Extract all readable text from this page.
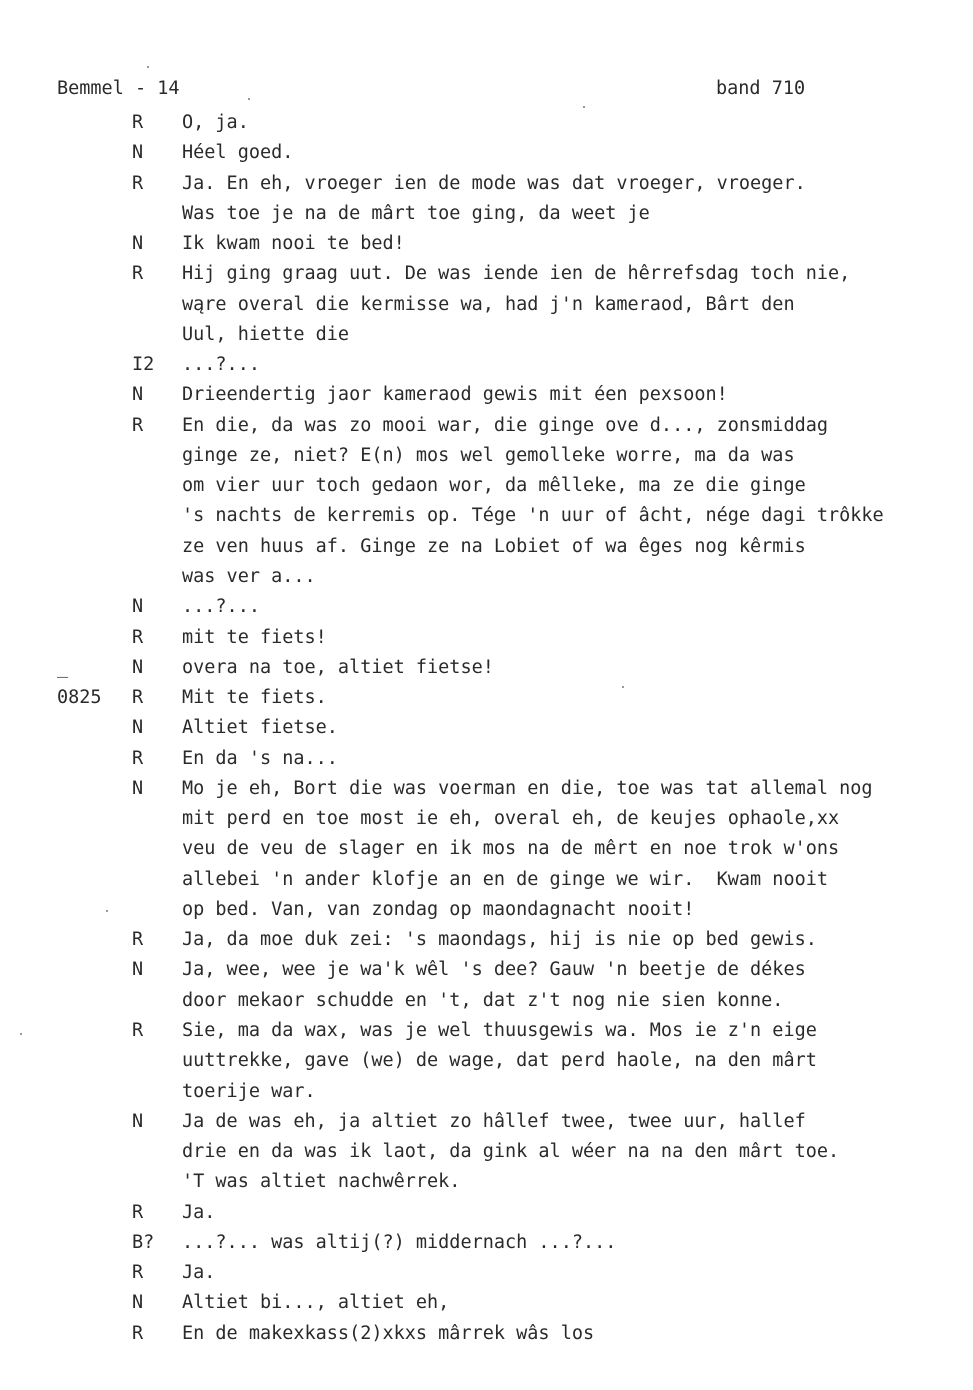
Bemmel - 14	band 710
R O, ja.
N Héel goed.
R Ja. En eh, vroeger ien de mode was dat vroeger, vroeger.
Was toe je na de mârt toe ging, da weet je
N Ik kwam nooi te bed!
R Hij ging graag uut. De was iende ien de hêrrefsdag toch nie,
wąre overal die kermisse wa, had j'n kameraod, Bârt den
Uul, hiette die
I2 ...?...
N Drieendertig jaor kameraod gewis mit éen pexsoon!
R En die, da was zo mooi war, die ginge ove d..., zonsmiddag
ginge ze, niet? E(n) mos wel gemolleke worre, ma da was
om vier uur toch gedaon wor, da mêlleke, ma ze die ginge
's nachts de kerremis op. Tége 'n uur of âcht, nége dagi trôkke
ze ven huus af. Ginge ze na Lobiet of wa êges nog kêrmis
was ver a...
N ...?...
R mit te fiets!
_	N overa na toe, altiet fietse!
0825 R Mit te fiets.
N Altiet fietse.
R En da 's na...
N Mo je eh, Bort die was voerman en die, toe was tat allemal nog
mit perd en toe most ie eh, overal eh, de keujes ophaole,xx
veu de veu de slager en ik mos na de mêrt en noe trok w'ons
allebei 'n ander klofje an en de ginge we wir.  Kwam nooit
op bed. Van, van zondag op maondagnacht nooit!
R Ja, da moe duk zei: 's maondags, hij is nie op bed gewis.
N Ja, wee, wee je wa'k wêl 's dee? Gauw 'n beetje de dékes
door mekaor schudde en 't, dat z't nog nie sien konne.
R Sie, ma da wax, was je wel thuusgewis wa. Mos ie z'n eige
uuttrekke, gave (we) de wage, dat perd haole, na den mârt
toerije war.
N Ja de was eh, ja altiet zo hâllef twee, twee uur, hallef
drie en da was ik laot, da gink al wéer na na den mârt toe.
'T was altiet nachwêrrek.
R Ja.
B? ...?... was altij(?) middernach ...?...
R Ja.
N Altiet bi..., altiet eh,
R En de makexkass(2)xkxs mârrek wâs los
